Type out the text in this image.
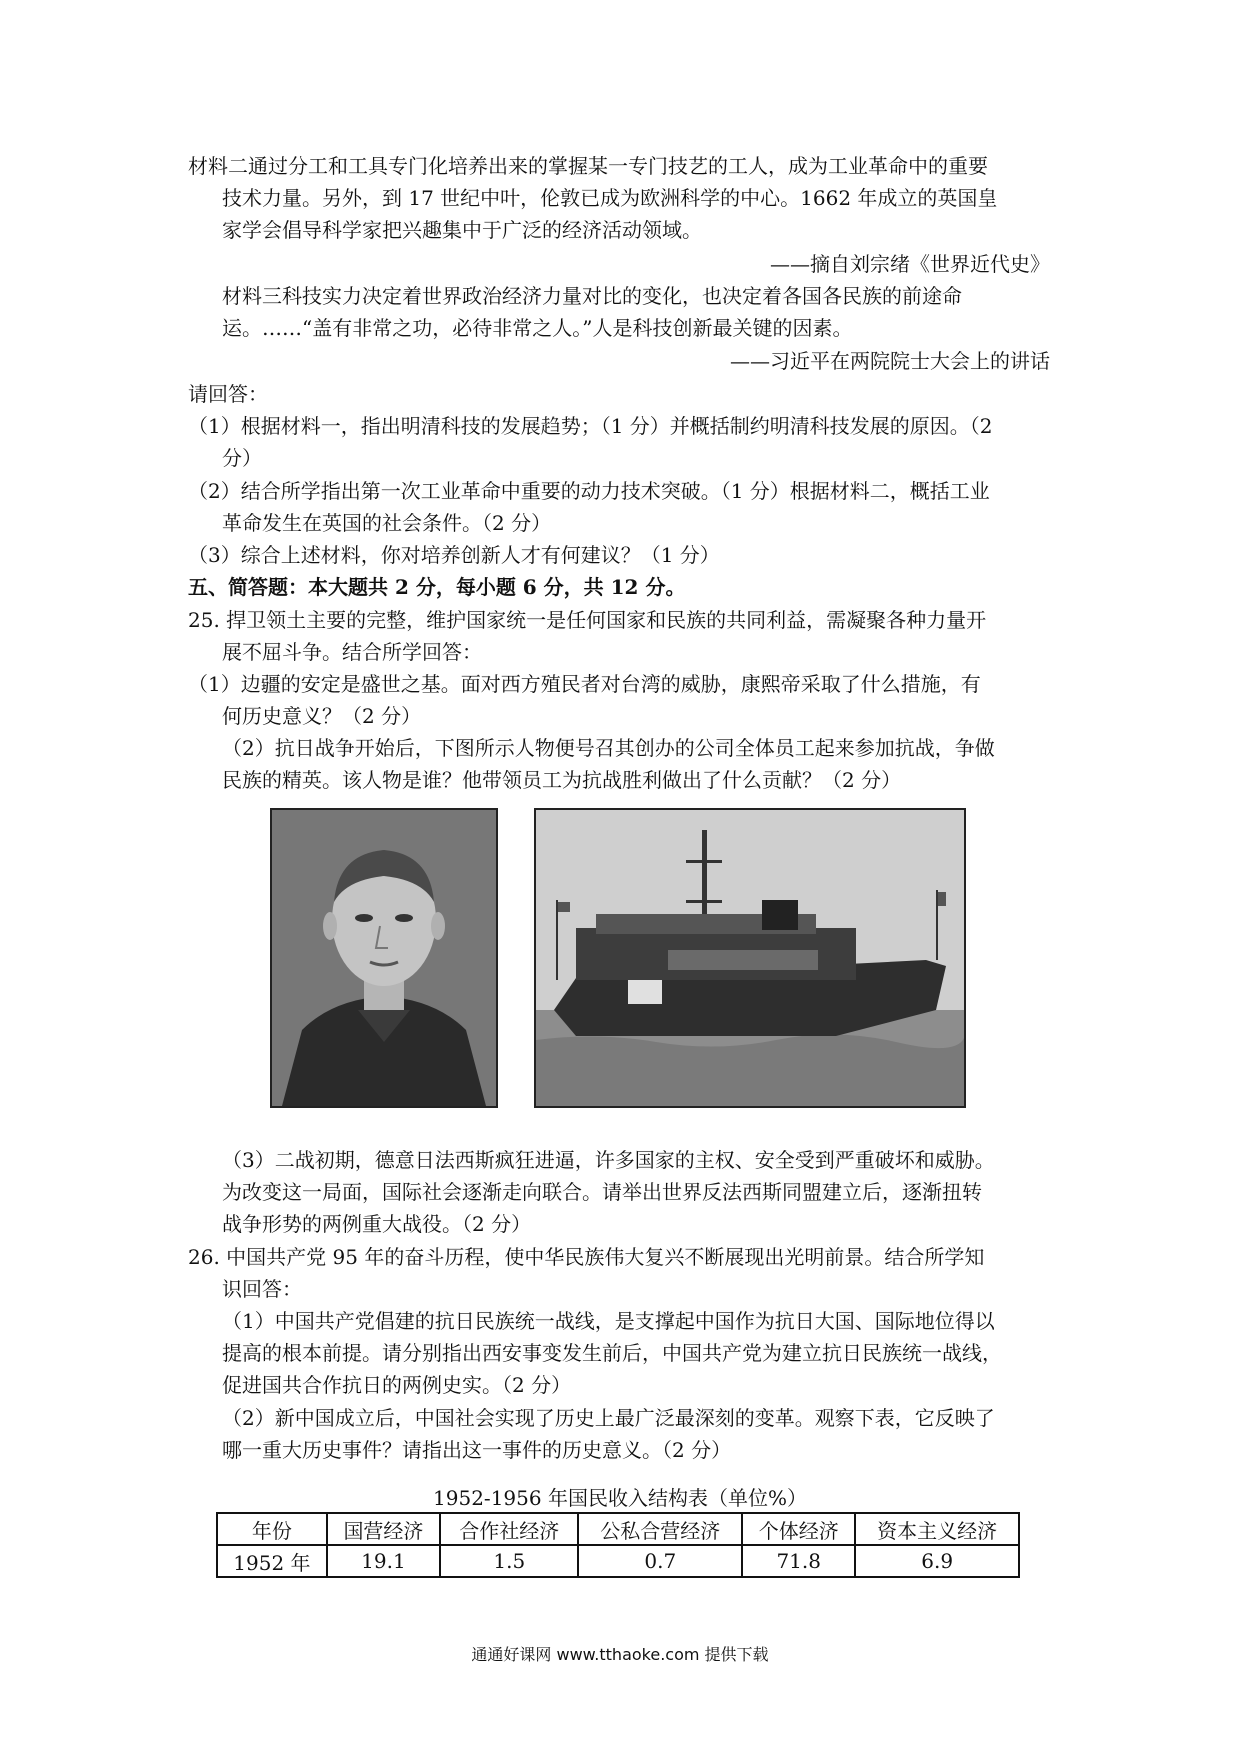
材料二通过分工和工具专门化培养出来的掌握某一专门技艺的工人，成为工业革命中的重要
技术力量。另外，到 17 世纪中叶，伦敦已成为欧洲科学的中心。1662 年成立的英国皇
家学会倡导科学家把兴趣集中于广泛的经济活动领域。
——摘自刘宗绪《世界近代史》
材料三科技实力决定着世界政治经济力量对比的变化，也决定着各国各民族的前途命
运。……“盖有非常之功，必待非常之人。”人是科技创新最关键的因素。
——习近平在两院院士大会上的讲话
请回答：
（1）根据材料一，指出明清科技的发展趋势；（1 分）并概括制约明清科技发展的原因。（2
分）
（2）结合所学指出第一次工业革命中重要的动力技术突破。（1 分）根据材料二，概括工业
革命发生在英国的社会条件。（2 分）
（3）综合上述材料，你对培养创新人才有何建议？（1 分）
五、简答题：本大题共 2 分，每小题 6 分，共 12 分。
25. 捍卫领土主要的完整，维护国家统一是任何国家和民族的共同利益，需凝聚各种力量开
展不屈斗争。结合所学回答：
（1）边疆的安定是盛世之基。面对西方殖民者对台湾的威胁，康熙帝采取了什么措施，有
何历史意义？（2 分）
（2）抗日战争开始后，下图所示人物便号召其创办的公司全体员工起来参加抗战，争做
民族的精英。该人物是谁？他带领员工为抗战胜利做出了什么贡献？（2 分）
（3）二战初期，德意日法西斯疯狂进逼，许多国家的主权、安全受到严重破坏和威胁。
为改变这一局面，国际社会逐渐走向联合。请举出世界反法西斯同盟建立后，逐渐扭转
战争形势的两例重大战役。（2 分）
26. 中国共产党 95 年的奋斗历程，使中华民族伟大复兴不断展现出光明前景。结合所学知
识回答：
（1）中国共产党倡建的抗日民族统一战线，是支撑起中国作为抗日大国、国际地位得以
提高的根本前提。请分别指出西安事变发生前后，中国共产党为建立抗日民族统一战线，
促进国共合作抗日的两例史实。（2 分）
（2）新中国成立后，中国社会实现了历史上最广泛最深刻的变革。观察下表，它反映了
哪一重大历史事件？请指出这一事件的历史意义。（2 分）
1952-1956 年国民收入结构表（单位%）
年份	国营经济	合作社经济	公私合营经济	个体经济	资本主义经济
1952 年	19.1	1.5	0.7	71.8	6.9
通通好课网 www.tthaoke.com 提供下载
